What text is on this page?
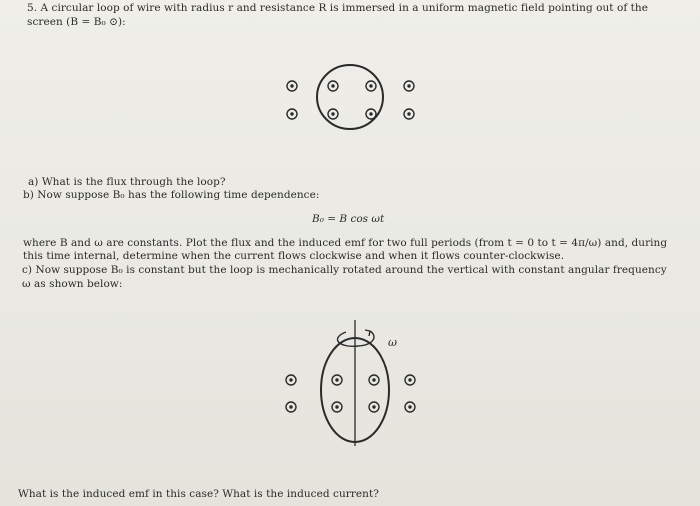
5. A circular loop of wire with radius r and resistance R is immersed in a uniform magnetic field pointing out of the
screen (B = B₀ ⊙):
a) What is the flux through the loop?
b) Now suppose B₀ has the following time dependence:
B₀ = B cos ωt
where B and ω are constants. Plot the flux and the induced emf for two full periods (from t = 0 to t = 4π/ω) and, during
this time internal, determine when the current flows clockwise and when it flows counter-clockwise.
c) Now suppose B₀ is constant but the loop is mechanically rotated around the vertical with constant angular frequency
ω as shown below:
ω
What is the induced emf in this case? What is the induced current?
